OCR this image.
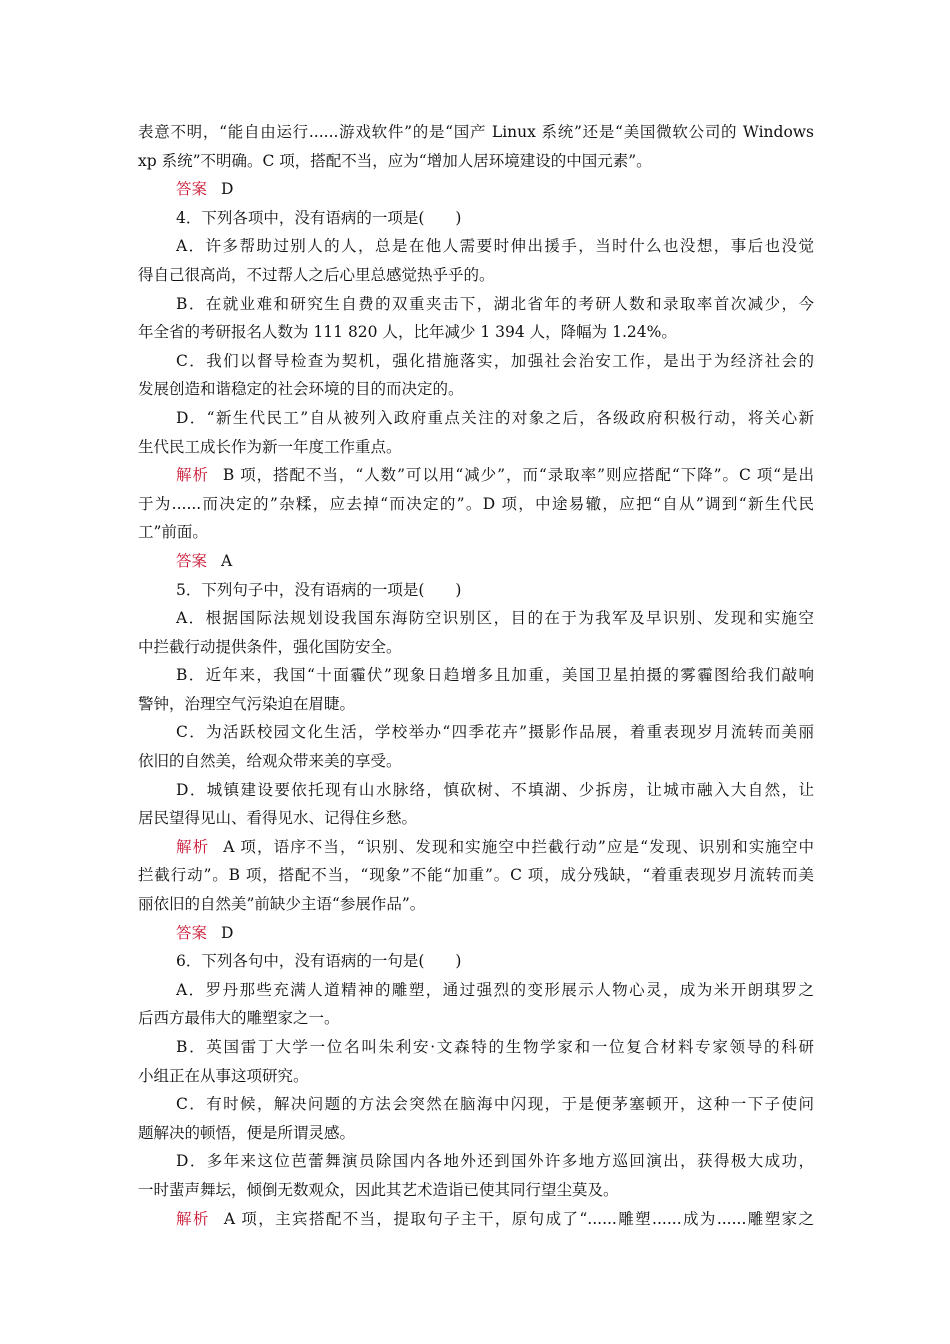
表意不明，“能自由运行......游戏软件”的是“国产 Linux 系统”还是“美国微软公司的 Windows
xp 系统”不明确。C 项，搭配不当，应为“增加人居环境建设的中国元素”。
答案 D
4．下列各项中，没有语病的一项是(　　)
A．许多帮助过别人的人，总是在他人需要时伸出援手，当时什么也没想，事后也没觉
得自己很高尚，不过帮人之后心里总感觉热乎乎的。
B．在就业难和研究生自费的双重夹击下，湖北省年的考研人数和录取率首次减少，今
年全省的考研报名人数为 111 820 人，比年减少 1 394 人，降幅为 1.24%。
C．我们以督导检查为契机，强化措施落实，加强社会治安工作，是出于为经济社会的
发展创造和谐稳定的社会环境的目的而决定的。
D．“新生代民工”自从被列入政府重点关注的对象之后，各级政府积极行动，将关心新
生代民工成长作为新一年度工作重点。
解析 B 项，搭配不当，“人数”可以用“减少”，而“录取率”则应搭配“下降”。C 项“是出
于为......而决定的”杂糅，应去掉“而决定的”。D 项，中途易辙，应把“自从”调到“新生代民
工”前面。
答案 A
5．下列句子中，没有语病的一项是(　　)
A．根据国际法规划设我国东海防空识别区，目的在于为我军及早识别、发现和实施空
中拦截行动提供条件，强化国防安全。
B．近年来，我国“十面霾伏”现象日趋增多且加重，美国卫星拍摄的雾霾图给我们敲响
警钟，治理空气污染迫在眉睫。
C．为活跃校园文化生活，学校举办“四季花卉”摄影作品展，着重表现岁月流转而美丽
依旧的自然美，给观众带来美的享受。
D．城镇建设要依托现有山水脉络，慎砍树、不填湖、少拆房，让城市融入大自然，让
居民望得见山、看得见水、记得住乡愁。
解析 A 项，语序不当，“识别、发现和实施空中拦截行动”应是“发现、识别和实施空中
拦截行动”。B 项，搭配不当，“现象”不能“加重”。C 项，成分残缺，“着重表现岁月流转而美
丽依旧的自然美”前缺少主语“参展作品”。
答案 D
6．下列各句中，没有语病的一句是(　　)
A．罗丹那些充满人道精神的雕塑，通过强烈的变形展示人物心灵，成为米开朗琪罗之
后西方最伟大的雕塑家之一。
B．英国雷丁大学一位名叫朱利安·文森特的生物学家和一位复合材料专家领导的科研
小组正在从事这项研究。
C．有时候，解决问题的方法会突然在脑海中闪现，于是便茅塞顿开，这种一下子使问
题解决的顿悟，便是所谓灵感。
D．多年来这位芭蕾舞演员除国内各地外还到国外许多地方巡回演出，获得极大成功，
一时蜚声舞坛，倾倒无数观众，因此其艺术造诣已使其同行望尘莫及。
解析 A 项，主宾搭配不当，提取句子主干，原句成了“......雕塑......成为......雕塑家之
